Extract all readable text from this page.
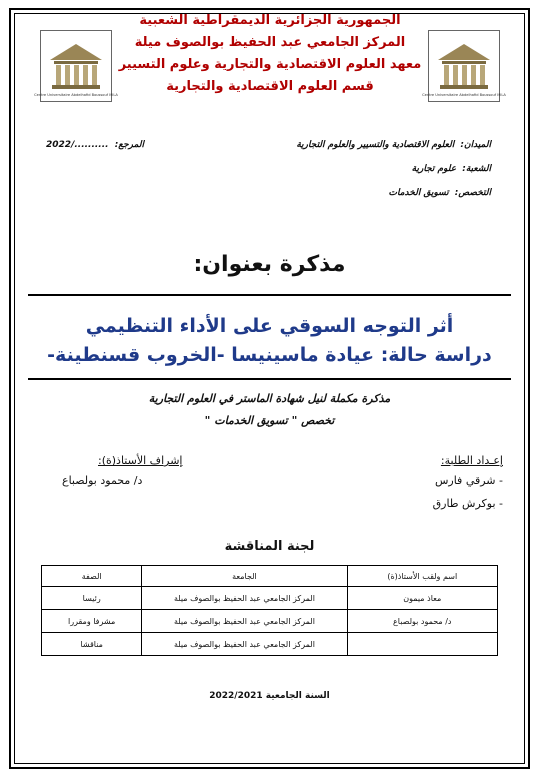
Centre Universitaire Abdelhafid Boussouf MILA	Centre Universitaire Abdelhafid Boussouf MILA
الجمهورية الجزائرية الديمقراطية الشعبية
المركز الجامعي عبد الحفيظ بوالصوف ميلة
معهد العلوم الاقتصادية والتجارية وعلوم التسيير
قسم العلوم الاقتصادية والتجارية
الميدان: العلوم الاقتصادية والتسيير والعلوم التجارية
المرجع: ........../2022
الشعبة: علوم تجارية
التخصص: تسويق الخدمات
مذكرة بعنوان:
أثر التوجه السوقي على الأداء التنظيمي
دراسة حالة: عيادة ماسينيسا -الخروب قسنطينة-
مذكرة مكملة لنيل شهادة الماستر في العلوم التجارية
تخصص " تسويق الخدمات "
إعـداد الطلبة:
- شرقي فارس
- بوكرش طارق
إشراف الأستاذ(ة):
د/ محمود بولصباع
لجنة المناقشة
اسم ولقب الأستاذ(ة)	الجامعة	الصفة
معاذ ميمون	المركز الجامعي عبد الحفيظ بوالصوف ميلة	رئيسا
د/ محمود بولصباع	المركز الجامعي عبد الحفيظ بوالصوف ميلة	مشرفا ومقررا
	المركز الجامعي عبد الحفيظ بوالصوف ميلة	مناقشا
السنة الجامعية 2022/2021
